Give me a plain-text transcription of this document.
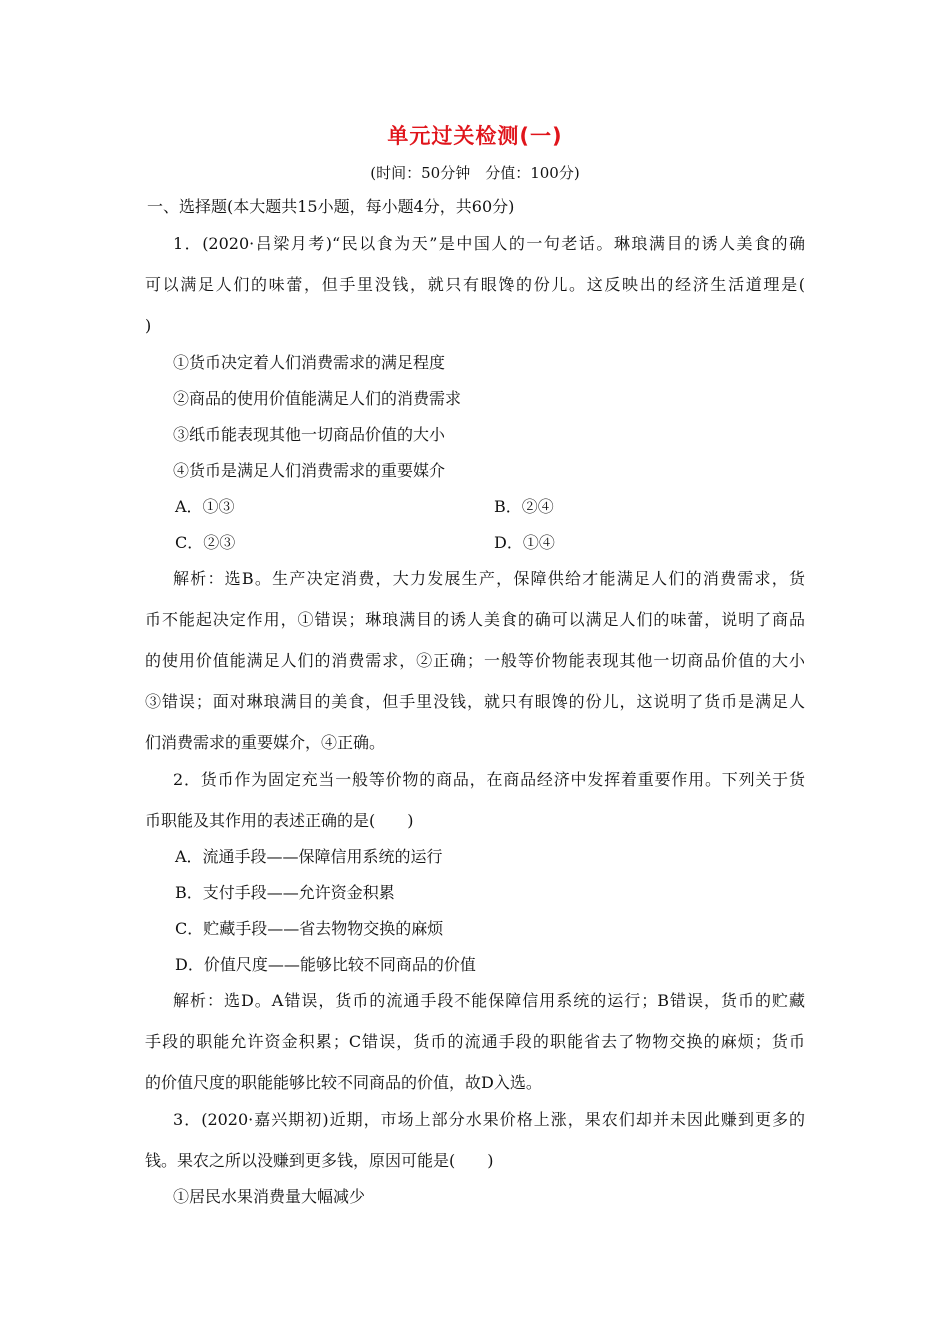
单元过关检测(一)
(时间：50分钟　分值：100分)
一、选择题(本大题共15小题，每小题4分，共60分)
1．(2020·吕梁月考)“民以食为天”是中国人的一句老话。琳琅满目的诱人美食的确
可以满足人们的味蕾，但手里没钱，就只有眼馋的份儿。这反映出的经济生活道理是(
)
①货币决定着人们消费需求的满足程度
②商品的使用价值能满足人们的消费需求
③纸币能表现其他一切商品价值的大小
④货币是满足人们消费需求的重要媒介
A．①③	B．②④
C．②③	D．①④
解析：选B。生产决定消费，大力发展生产，保障供给才能满足人们的消费需求，货
币不能起决定作用，①错误；琳琅满目的诱人美食的确可以满足人们的味蕾，说明了商品
的使用价值能满足人们的消费需求，②正确；一般等价物能表现其他一切商品价值的大小
③错误；面对琳琅满目的美食，但手里没钱，就只有眼馋的份儿，这说明了货币是满足人
们消费需求的重要媒介，④正确。
2．货币作为固定充当一般等价物的商品，在商品经济中发挥着重要作用。下列关于货
币职能及其作用的表述正确的是(　　)
A．流通手段——保障信用系统的运行
B．支付手段——允许资金积累
C．贮藏手段——省去物物交换的麻烦
D．价值尺度——能够比较不同商品的价值
解析：选D。A错误，货币的流通手段不能保障信用系统的运行；B错误，货币的贮藏
手段的职能允许资金积累；C错误，货币的流通手段的职能省去了物物交换的麻烦；货币
的价值尺度的职能能够比较不同商品的价值，故D入选。
3．(2020·嘉兴期初)近期，市场上部分水果价格上涨，果农们却并未因此赚到更多的
钱。果农之所以没赚到更多钱，原因可能是(　　)
①居民水果消费量大幅减少
